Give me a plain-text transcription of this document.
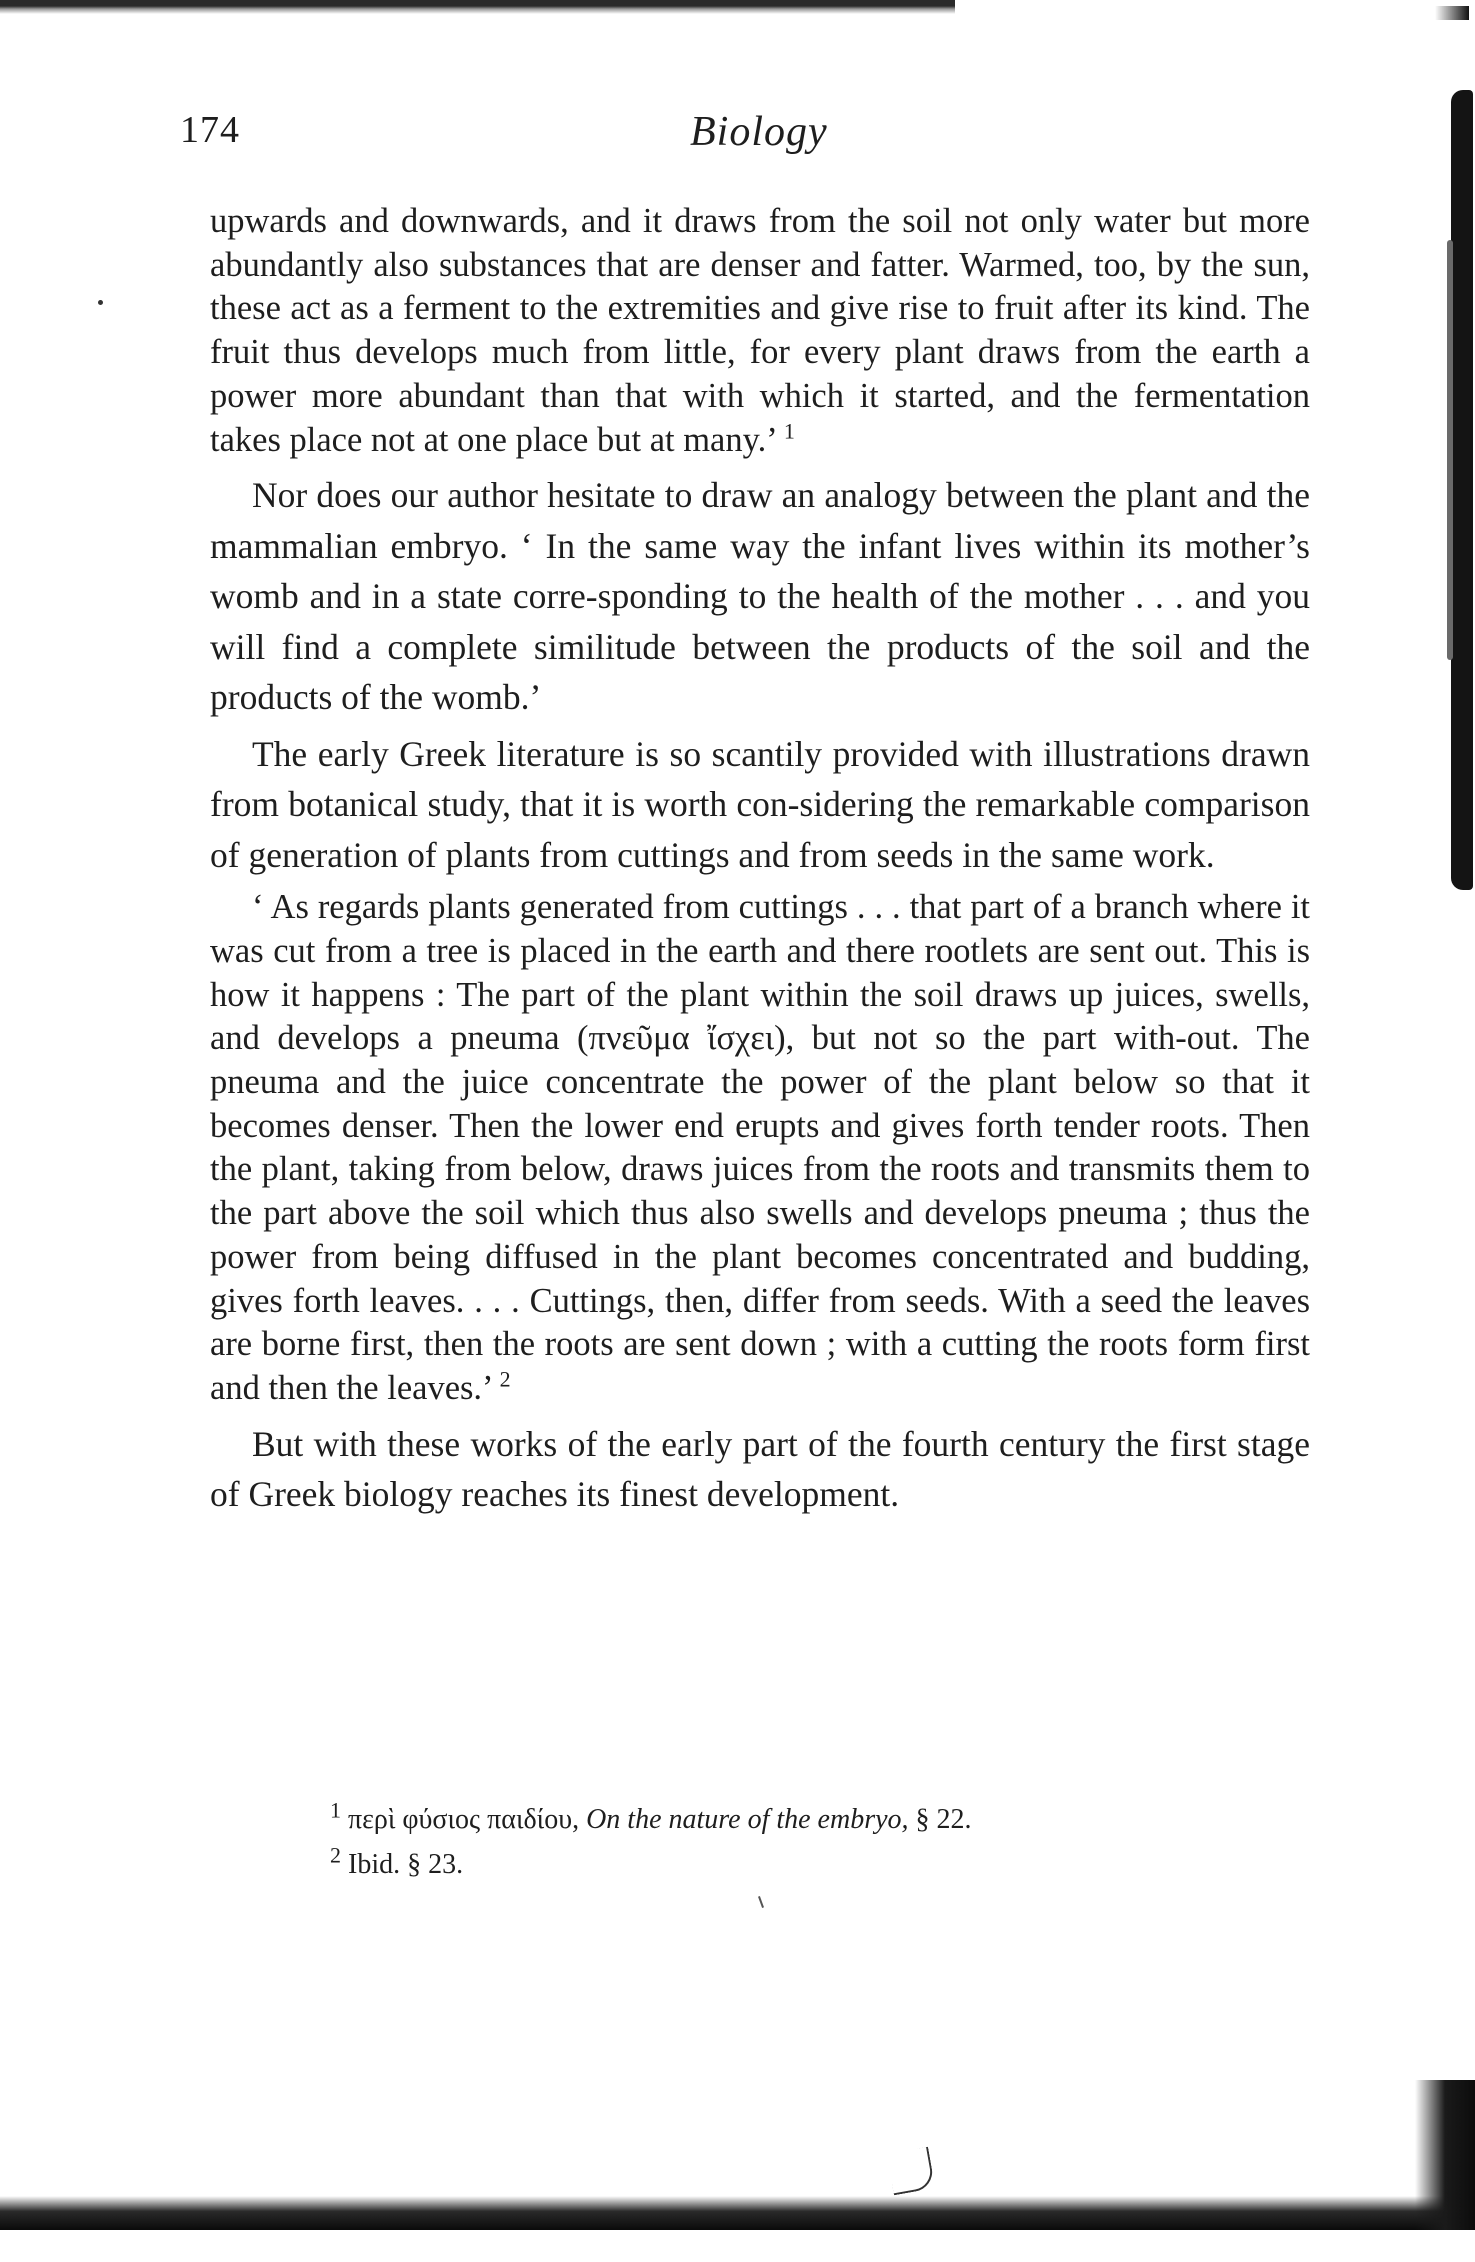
174	Biology

upwards and downwards, and it draws from the soil not only water but more abundantly also substances that are denser and fatter. Warmed, too, by the sun, these act as a ferment to the extremities and give rise to fruit after its kind. The fruit thus develops much from little, for every plant draws from the earth a power more abundant than that with which it started, and the fermentation takes place not at one place but at many.’ $^1$

Nor does our author hesitate to draw an analogy between the plant and the mammalian embryo. ‘ In the same way the infant lives within its mother’s womb and in a state corre-sponding to the health of the mother . . . and you will find a complete similitude between the products of the soil and the products of the womb.’

The early Greek literature is so scantily provided with illustrations drawn from botanical study, that it is worth con-sidering the remarkable comparison of generation of plants from cuttings and from seeds in the same work.

‘ As regards plants generated from cuttings . . . that part of a branch where it was cut from a tree is placed in the earth and there rootlets are sent out. This is how it happens : The part of the plant within the soil draws up juices, swells, and develops a pneuma (πνεῦμα ἴσχει), but not so the part with-out. The pneuma and the juice concentrate the power of the plant below so that it becomes denser. Then the lower end erupts and gives forth tender roots. Then the plant, taking from below, draws juices from the roots and transmits them to the part above the soil which thus also swells and develops pneuma ; thus the power from being diffused in the plant becomes concentrated and budding, gives forth leaves. . . . Cuttings, then, differ from seeds. With a seed the leaves are borne first, then the roots are sent down ; with a cutting the roots form first and then the leaves.’ $^2$

But with these works of the early part of the fourth century the first stage of Greek biology reaches its finest development.

$^1$ περὶ φύσιος παιδίου, On the nature of the embryo, § 22.

$^2$ Ibid. § 23.
